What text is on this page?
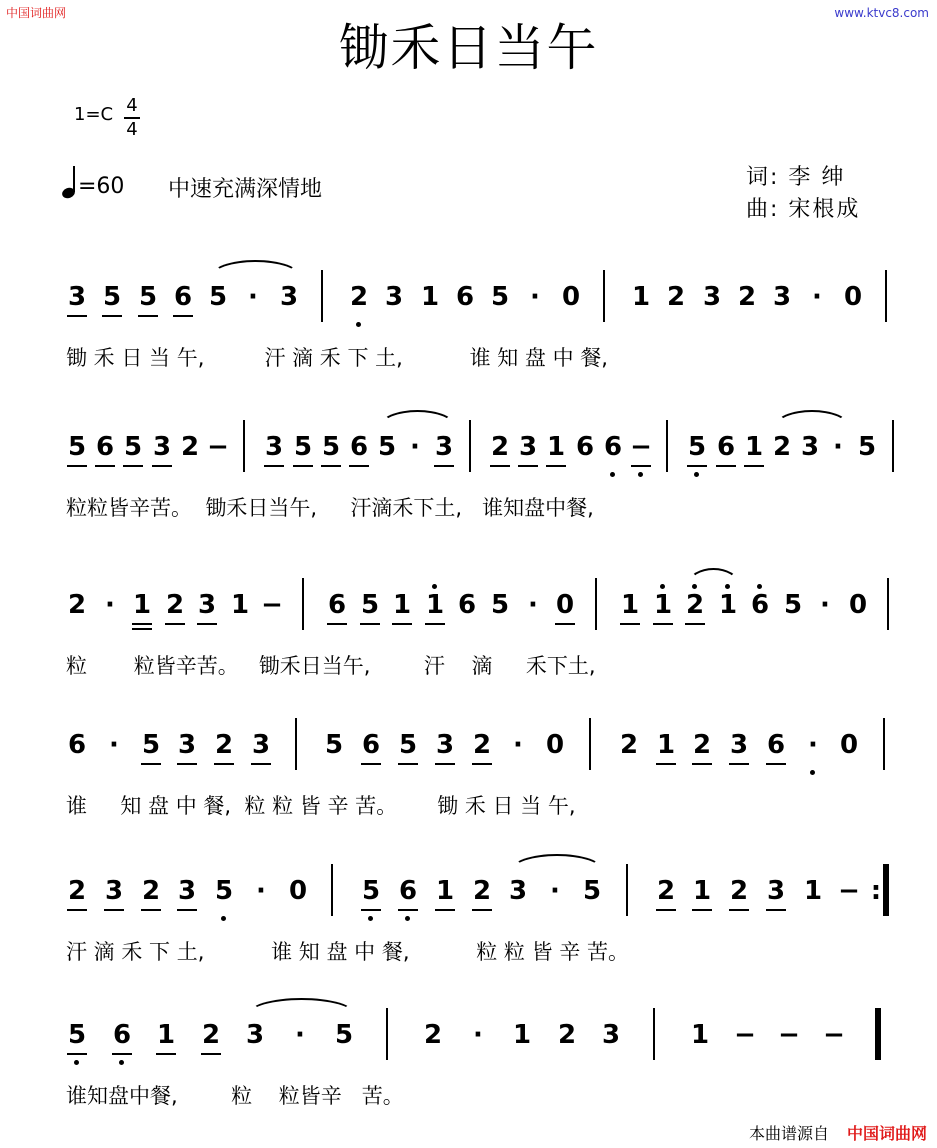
中国词曲网	www.ktvc8.com
锄禾日当午
1=C 4
4
=60 中速充满深情地	词: 李 绅
曲: 宋根成
3 5 5 6 5 · 3 2 3 1 6 5 · 0 1 2 3 2 3 · 0
锄 禾 日 当 午,         汗 滴 禾 下 土,          谁 知 盘 中 餐,
5 6 5 3 2 − 3 5 5 6 5 · 3 2 3 1 6 6 − 5 6 1 2 3 · 5
粒粒皆辛苦。  锄禾日当午,     汗滴禾下土,   谁知盘中餐,
2 · 1 2 3 1 − 6 5 1 1 6 5 · 0 1 1 2 1 6 5 · 0
粒       粒皆辛苦。   锄禾日当午,        汗    滴     禾下土,
6 · 5 3 2 3 5 6 5 3 2 · 0 2 1 2 3 6 · 0
谁     知 盘 中 餐,  粒 粒 皆 辛 苦。      锄 禾 日 当 午,
2 3 2 3 5 · 0 5 6 1 2 3 · 5 2 1 2 3 1 − :
汗 滴 禾 下 土,          谁 知 盘 中 餐,          粒 粒 皆 辛 苦。
5 6 1 2 3 · 5	2 · 1 2 3	1 − − −
谁知盘中餐,        粒    粒皆辛   苦。
本曲谱源自 中国词曲网
